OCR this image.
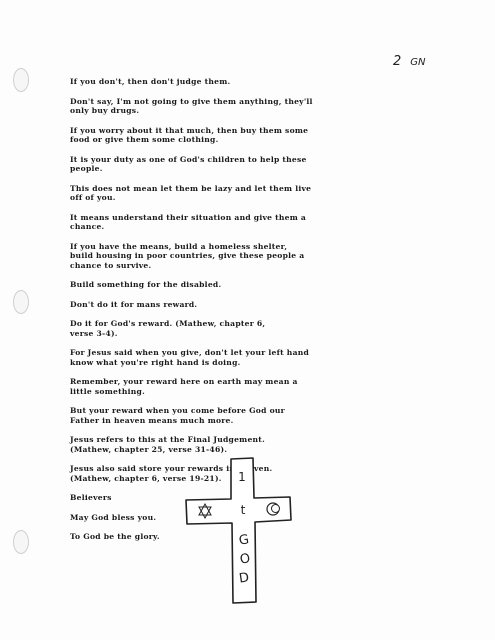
2 GN

If you don't, then don't judge them.

Don't say, I'm not going to give them anything, they'll
only buy drugs.

If you worry about it that much, then buy them some
food or give them some clothing.

It is your duty as one of God's children to help these
people.

This does not mean let them be lazy and let them live
off of you.

It means understand their situation and give them a
chance.

If you have the means, build a homeless shelter,
build housing in poor countries, give these people a
chance to survive.

Build something for the disabled.

Don't do it for mans reward.

Do it for God's reward. (Mathew, chapter 6,
verse 3-4).

For Jesus said when you give, don't let your left hand
know what you're right hand is doing.

Remember, your reward here on earth may mean a
little something.

But your reward when you come before God our
Father in heaven means much more.

Jesus refers to this at the Final Judgement.
(Mathew, chapter 25, verse 31-46).

Jesus also said store your rewards heaven.
(Mathew, chapter 6, verse 19-21).

Believers

May God bless you.

To God be the glory.

1
t
G
O
D
